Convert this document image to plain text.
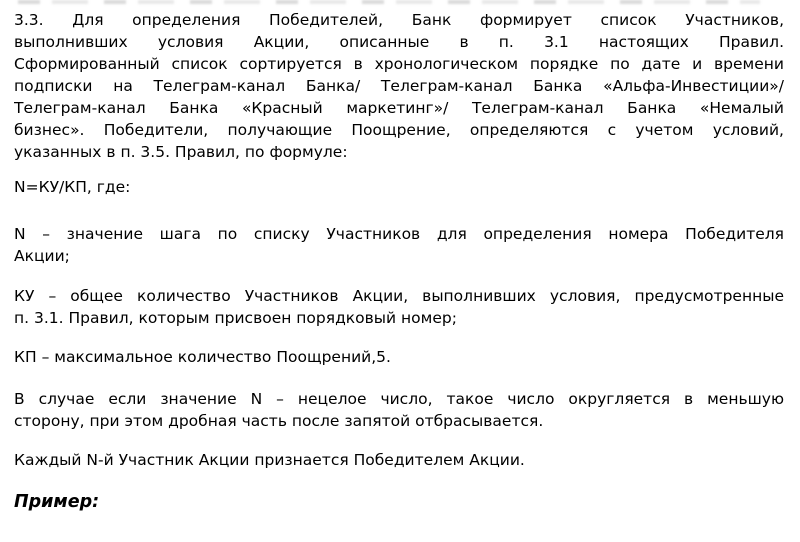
3.3. Для определения Победителей, Банк формирует список Участников,
выполнивших условия Акции, описанные в п. 3.1 настоящих Правил.
Сформированный список сортируется в хронологическом порядке по дате и времени
подписки на Телеграм-канал Банка/ Телеграм-канал Банка «Альфа-Инвестиции»/
Телеграм-канал Банка «Красный маркетинг»/ Телеграм-канал Банка «Немалый
бизнес». Победители, получающие Поощрение, определяются с учетом условий,
указанных в п. 3.5. Правил, по формуле:

N=КУ/КП, где:

N – значение шага по списку Участников для определения номера Победителя
Акции;

КУ – общее количество Участников Акции, выполнивших условия, предусмотренные
п. 3.1. Правил, которым присвоен порядковый номер;

КП – максимальное количество Поощрений,5.

В случае если значение N – нецелое число, такое число округляется в меньшую
сторону, при этом дробная часть после запятой отбрасывается.

Каждый N-й Участник Акции признается Победителем Акции.

Пример:
